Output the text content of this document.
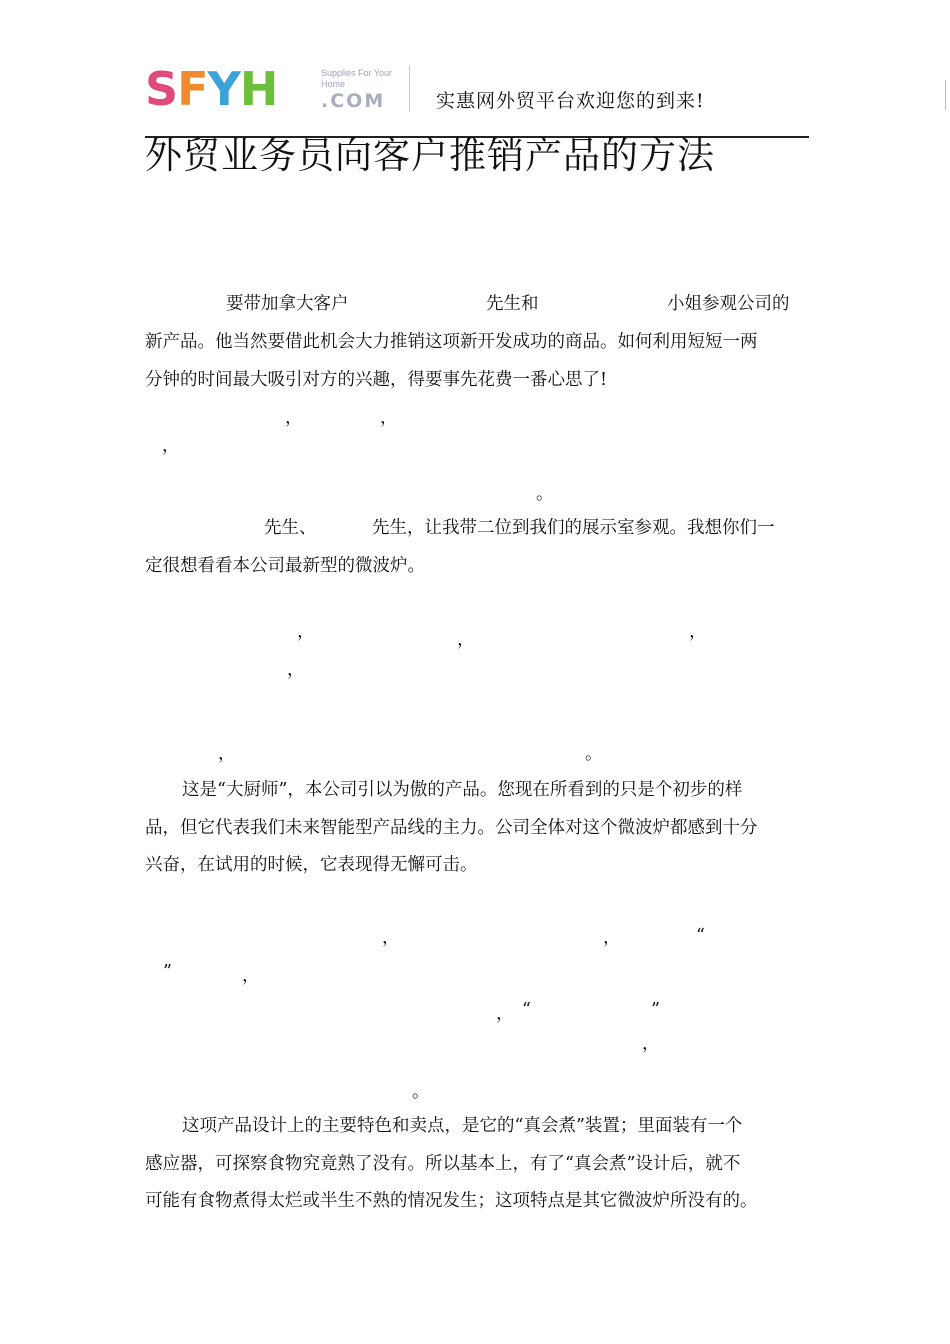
SFYH	Supplies For Your Home
.COM	实惠网外贸平台欢迎您的到来!
外贸业务员向客户推销产品的方法
要带加拿大客户	先生和	小姐参观公司的
新产品。他当然要借此机会大力推销这项新开发成功的商品。如何利用短短一两
分钟的时间最大吸引对方的兴趣，得要事先花费一番心思了!
，	，
，
。
先生、	先生，让我带二位到我们的展示室参观。我想你们一
定很想看看本公司最新型的微波炉。
，	，	，
，
，	。
这是“大厨师”，本公司引以为傲的产品。您现在所看到的只是个初步的样
品，但它代表我们未来智能型产品线的主力。公司全体对这个微波炉都感到十分
兴奋，在试用的时候，它表现得无懈可击。
，	，	“
”	，
， “	”
，
。
这项产品设计上的主要特色和卖点，是它的“真会煮”装置；里面装有一个
感应器，可探察食物究竟熟了没有。所以基本上，有了“真会煮”设计后，就不
可能有食物煮得太烂或半生不熟的情况发生；这项特点是其它微波炉所没有的。
